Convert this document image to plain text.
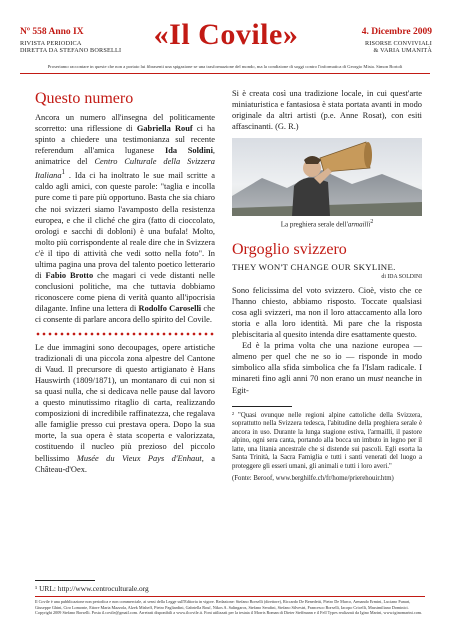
Nº 558 Anno IX
RIVISTA PERIODICA
DIRETTA DA STEFANO BORSELLI	«Il Covile»	4. Dicembre 2009
RISORSE CONVIVIALI
& VARIA UMANITÀ
Proseriamo raccontare in queste che non a portato lui fibrasenti una spigazione se una trasformazione del mondo, ma la condizione di soggi contro l'informatica di Georgio Mista. Simon Bortoli
Questo numero
Ancora un numero all'insegna del politicamente scorretto: una riflessione di Gabriella Rouf ci ha spinto a chiedere una testimonianza sul recente referendum all'amica luganese Ida Soldini, animatrice del Centro Culturale della Svizzera Italiana$^1$ . Ida ci ha inoltrato le sue mail scritte a caldo agli amici, con queste parole: "taglia e incolla pure come ti pare più opportuno. Basta che sia chiaro che noi svizzeri siamo l'avamposto della resistenza europea, e che il cliché che gira (fatto di cioccolato, orologi e sacchi di dobloni) è una bufala! Molto, molto più corrispondente al reale dire che in Svizzera c'è il tipo di attività che vedi sotto nella foto". In ultima pagina una prova del talento poetico letterario di Fabio Brotto che magari ci vede distanti nelle conclusioni politiche, ma che tuttavia dobbiamo riconoscere come piena di verità quanto all'ipocrisia dilagante. Infine una lettera di Rodolfo Caroselli che ci consente di parlare ancora dello spirito del Covile.
Le due immagini sono decoupages, opere artistiche tradizionali di una piccola zona alpestre del Cantone di Vaud. Il precursore di questo artigianato è Hans Hauswirth (1809/1871), un montanaro di cui non si sa quasi nulla, che si dedicava nelle pause dal lavoro a questo minutissimo ritaglio di carta, realizzando composizioni di incredibile raffinatezza, che regalava alle famiglie presso cui prestava opera. Dopo la sua morte, la sua opera è stata scoperta e valorizzata, costituendo il nucleo più prezioso del piccolo bellissimo Musée du Vieux Pays d'Enhaut, a Château-d'Oex.
¹ URL: http://www.centroculturale.org
Il Covile è una pubblicazione non periodica e non commerciale, ai sensi della Legge sull'Editoria in vigore. Redazione: Stefano Borselli (direttore), Riccardo De Benedetti, Pietro De Marco, Armando Ermini, Luciano Funari, Giuseppe Ghini, Ciro Lomonte, Ettore Maria Mazzola, Alzek Misheff, Pietro Pagliardini, Gabriella Rouf, Nikos A. Salingaros, Stefano Serafini, Stefano Silvestri, Francesco Borselli, Iacopo Cricelli, Massimiliano Dominici. Copyright 2009 Stefano Borselli. Posta il.covile@gmail.com. Arretrati disponibili a www.ilcovile.it. Font utilizzati per la testata il Morris Roman di Dieter Steffmann e il Fell Types realizzati da Igino Marini, www.iginomarini.com.
Si è creata così una tradizione locale, in cui quest'arte miniaturistica e fantasiosa è stata portata avanti in modo originale da altri artisti (p.e. Anne Rosat), con esiti affascinanti. (G. R.)
La preghiera serale dell'armailli$^2$
Orgoglio svizzero
THEY WON'T CHANGE OUR SKYLINE.
di IDA SOLDINI
Sono felicissima del voto svizzero. Cioè, visto che ce l'hanno chiesto, abbiamo risposto. Toccate qualsiasi cosa agli svizzeri, ma non il loro attaccamento alla loro storia e alla loro identità. Mi pare che la risposta plebiscitaria al quesito intenda dire esattamente questo.
Ed è la prima volta che una nazione europea — almeno per quel che ne so io — risponde in modo simbolico alla sfida simbolica che fa l'Islam radicale. I minareti fino agli anni 70 non erano un must neanche in Egit-
² "Quasi ovunque nelle regioni alpine cattoliche della Svizzera, soprattutto nella Svizzera tedesca, l'abitudine della preghiera serale è ancora in uso. Durante la lunga stagione estiva, l'armailli, il pastore alpino, ogni sera canta, portando alla bocca un imbuto in legno per il latte, una litania ancestrale che si distende sui pascoli. Egli esorta la Santa Trinità, la Sacra Famiglia e tutti i santi venerati del luogo a proteggere gli esseri umani, gli animali e tutti i loro averi."
(Fonte: Beroof, www.berghilfe.ch/fr/home/prierehouir.htm)
